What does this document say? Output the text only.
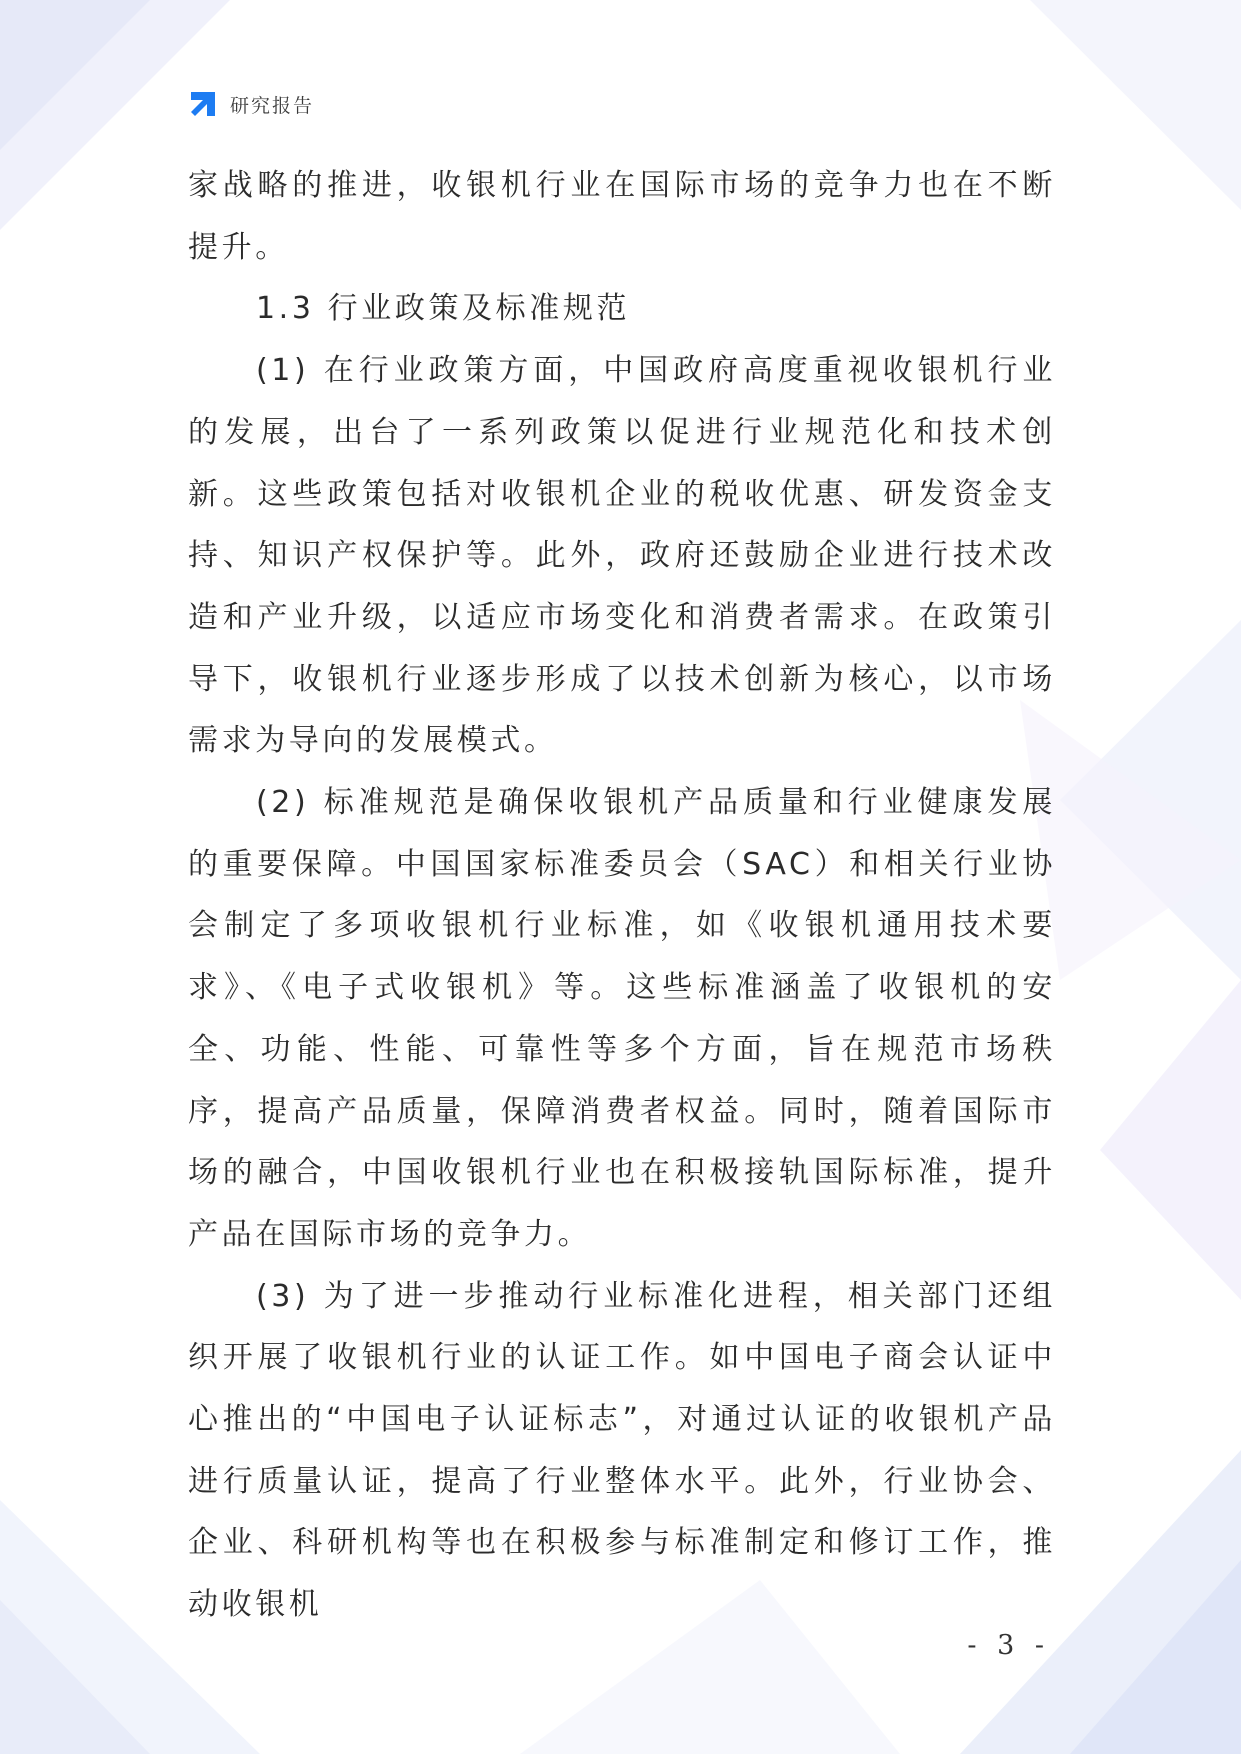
研究报告

家战略的推进，收银机行业在国际市场的竞争力也在不断提升。

1.3 行业政策及标准规范

(1) 在行业政策方面，中国政府高度重视收银机行业的发展，出台了一系列政策以促进行业规范化和技术创新。这些政策包括对收银机企业的税收优惠、研发资金支持、知识产权保护等。此外，政府还鼓励企业进行技术改造和产业升级，以适应市场变化和消费者需求。在政策引导下，收银机行业逐步形成了以技术创新为核心，以市场需求为导向的发展模式。

(2) 标准规范是确保收银机产品质量和行业健康发展的重要保障。中国国家标准委员会（SAC）和相关行业协会制定了多项收银机行业标准，如《收银机通用技术要求》、《电子式收银机》等。这些标准涵盖了收银机的安全、功能、性能、可靠性等多个方面，旨在规范市场秩序，提高产品质量，保障消费者权益。同时，随着国际市场的融合，中国收银机行业也在积极接轨国际标准，提升产品在国际市场的竞争力。

(3) 为了进一步推动行业标准化进程，相关部门还组织开展了收银机行业的认证工作。如中国电子商会认证中心推出的“中国电子认证标志”，对通过认证的收银机产品进行质量认证，提高了行业整体水平。此外，行业协会、企业、科研机构等也在积极参与标准制定和修订工作，推动收银机

- 3 -
